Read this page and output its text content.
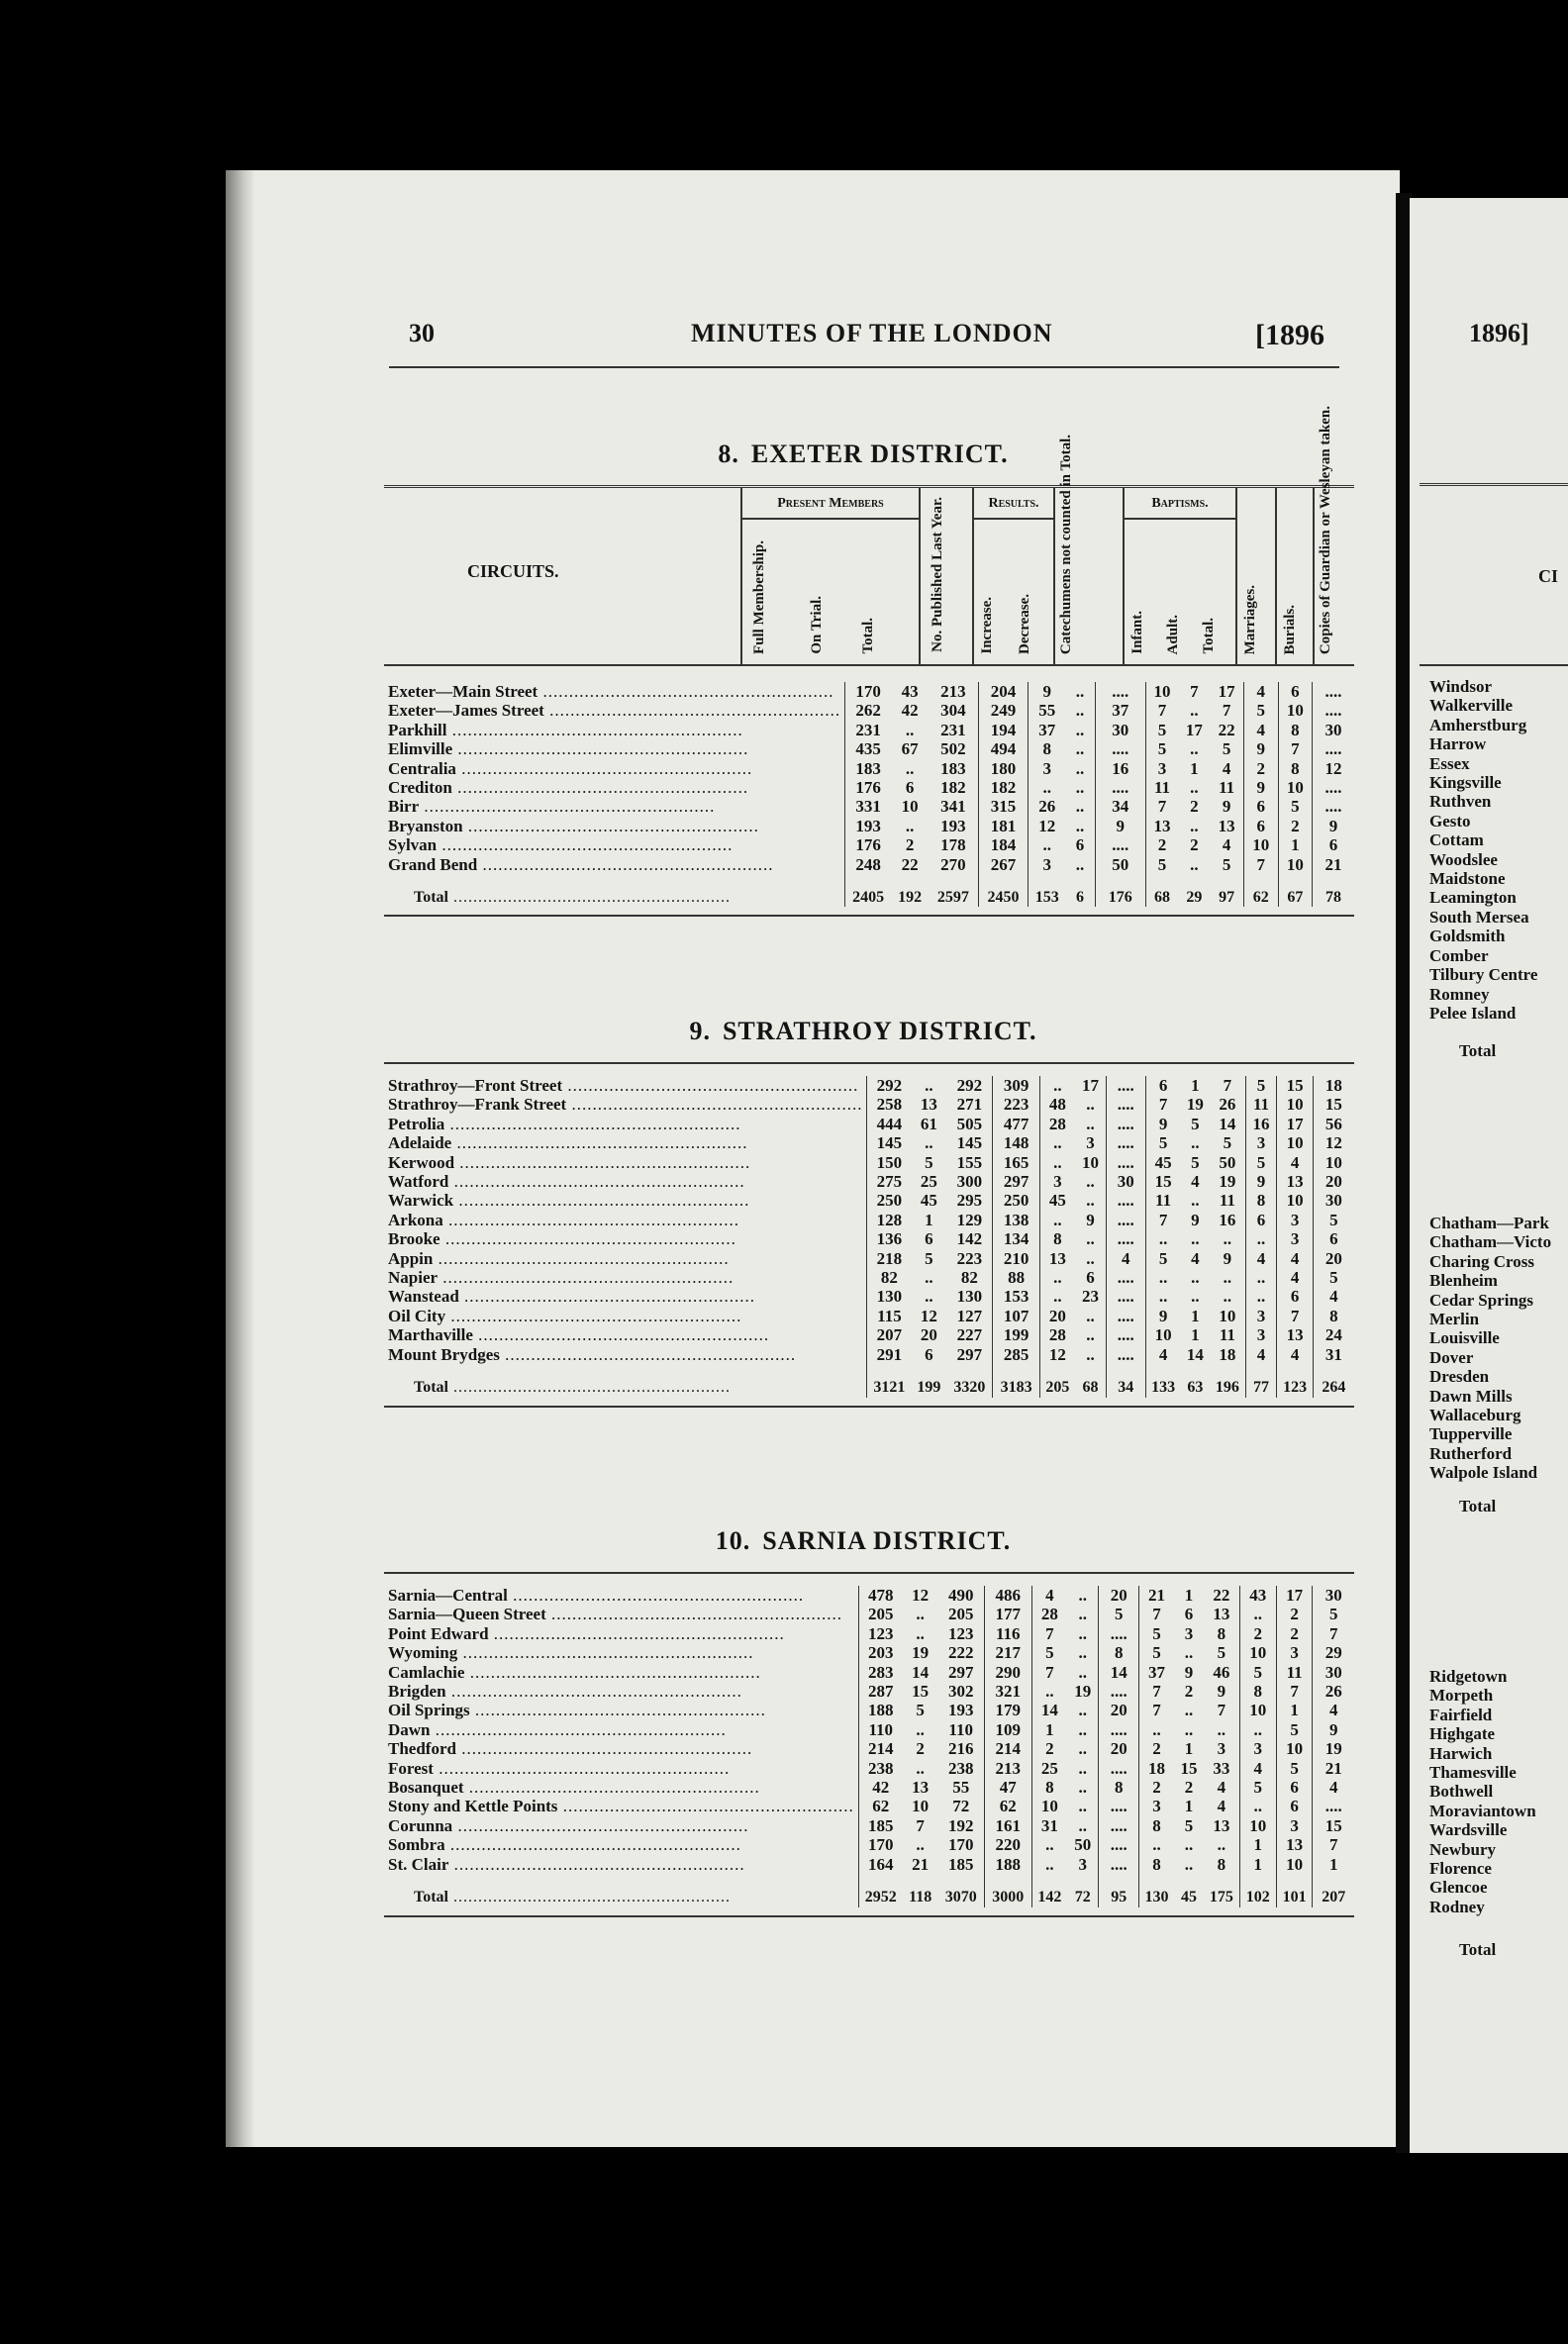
30	MINUTES OF THE LONDON	[1896
8. EXETER DISTRICT.
CIRCUITS.
Present Members	Results.	Baptisms.
Full Membership.	On Trial. Total.	No. Published Last Year. Increase. Decrease. Catechumens not counted in Total.	Infant. Adult. Total. Marriages. Burials. Copies of Guardian or Wesleyan taken.
Exeter—Main Street ........................................................	170	43	213	204	9	..	....	10	7	17	4	6	....
Exeter—James Street ........................................................	262	42	304	249	55	..	37	7	..	7	5	10	....
Parkhill ........................................................	231	..	231	194	37	..	30	5	17	22	4	8	30
Elimville ........................................................	435	67	502	494	8	..	....	5	..	5	9	7	....
Centralia ........................................................	183	..	183	180	3	..	16	3	1	4	2	8	12
Crediton ........................................................	176	6	182	182	..	..	....	11	..	11	9	10	....
Birr ........................................................	331	10	341	315	26	..	34	7	2	9	6	5	....
Bryanston ........................................................	193	..	193	181	12	..	9	13	..	13	6	2	9
Sylvan ........................................................	176	2	178	184	..	6	....	2	2	4	10	1	6
Grand Bend ........................................................	248	22	270	267	3	..	50	5	..	5	7	10	21
Total ........................................................	2405	192	2597	2450	153	6	176	68	29	97	62	67	78
9. STRATHROY DISTRICT.
Strathroy—Front Street ........................................................	292	..	292	309	..	17	....	6	1	7	5	15	18
Strathroy—Frank Street ........................................................	258	13	271	223	48	..	....	7	19	26	11	10	15
Petrolia ........................................................	444	61	505	477	28	..	....	9	5	14	16	17	56
Adelaide ........................................................	145	..	145	148	..	3	....	5	..	5	3	10	12
Kerwood ........................................................	150	5	155	165	..	10	....	45	5	50	5	4	10
Watford ........................................................	275	25	300	297	3	..	30	15	4	19	9	13	20
Warwick ........................................................	250	45	295	250	45	..	....	11	..	11	8	10	30
Arkona ........................................................	128	1	129	138	..	9	....	7	9	16	6	3	5
Brooke ........................................................	136	6	142	134	8	..	....	..	..	..	..	3	6
Appin ........................................................	218	5	223	210	13	..	4	5	4	9	4	4	20
Napier ........................................................	82	..	82	88	..	6	....	..	..	..	..	4	5
Wanstead ........................................................	130	..	130	153	..	23	....	..	..	..	..	6	4
Oil City ........................................................	115	12	127	107	20	..	....	9	1	10	3	7	8
Marthaville ........................................................	207	20	227	199	28	..	....	10	1	11	3	13	24
Mount Brydges ........................................................	291	6	297	285	12	..	....	4	14	18	4	4	31
Total ........................................................	3121	199	3320	3183	205	68	34	133	63	196	77	123	264
10. SARNIA DISTRICT.
Sarnia—Central ........................................................	478	12	490	486	4	..	20	21	1	22	43	17	30
Sarnia—Queen Street ........................................................	205	..	205	177	28	..	5	7	6	13	..	2	5
Point Edward ........................................................	123	..	123	116	7	..	....	5	3	8	2	2	7
Wyoming ........................................................	203	19	222	217	5	..	8	5	..	5	10	3	29
Camlachie ........................................................	283	14	297	290	7	..	14	37	9	46	5	11	30
Brigden ........................................................	287	15	302	321	..	19	....	7	2	9	8	7	26
Oil Springs ........................................................	188	5	193	179	14	..	20	7	..	7	10	1	4
Dawn ........................................................	110	..	110	109	1	..	....	..	..	..	..	5	9
Thedford ........................................................	214	2	216	214	2	..	20	2	1	3	3	10	19
Forest ........................................................	238	..	238	213	25	..	....	18	15	33	4	5	21
Bosanquet ........................................................	42	13	55	47	8	..	8	2	2	4	5	6	4
Stony and Kettle Points ........................................................	62	10	72	62	10	..	....	3	1	4	..	6	....
Corunna ........................................................	185	7	192	161	31	..	....	8	5	13	10	3	15
Sombra ........................................................	170	..	170	220	..	50	....	..	..	..	1	13	7
St. Clair ........................................................	164	21	185	188	..	3	....	8	..	8	1	10	1
Total ........................................................	2952	118	3070	3000	142	72	95	130	45	175	102	101	207
1896]
CI
Windsor
Walkerville
Amherstburg
Harrow
Essex
Kingsville
Ruthven
Gesto
Cottam
Woodslee
Maidstone
Leamington
South Mersea
Goldsmith
Comber
Tilbury Centre
Romney
Pelee Island
Total
Chatham—Park
Chatham—Victo
Charing Cross
Blenheim
Cedar Springs
Merlin
Louisville
Dover
Dresden
Dawn Mills
Wallaceburg
Tupperville
Rutherford
Walpole Island
Total
Ridgetown
Morpeth
Fairfield
Highgate
Harwich
Thamesville
Bothwell
Moraviantown
Wardsville
Newbury
Florence
Glencoe
Rodney
Total
